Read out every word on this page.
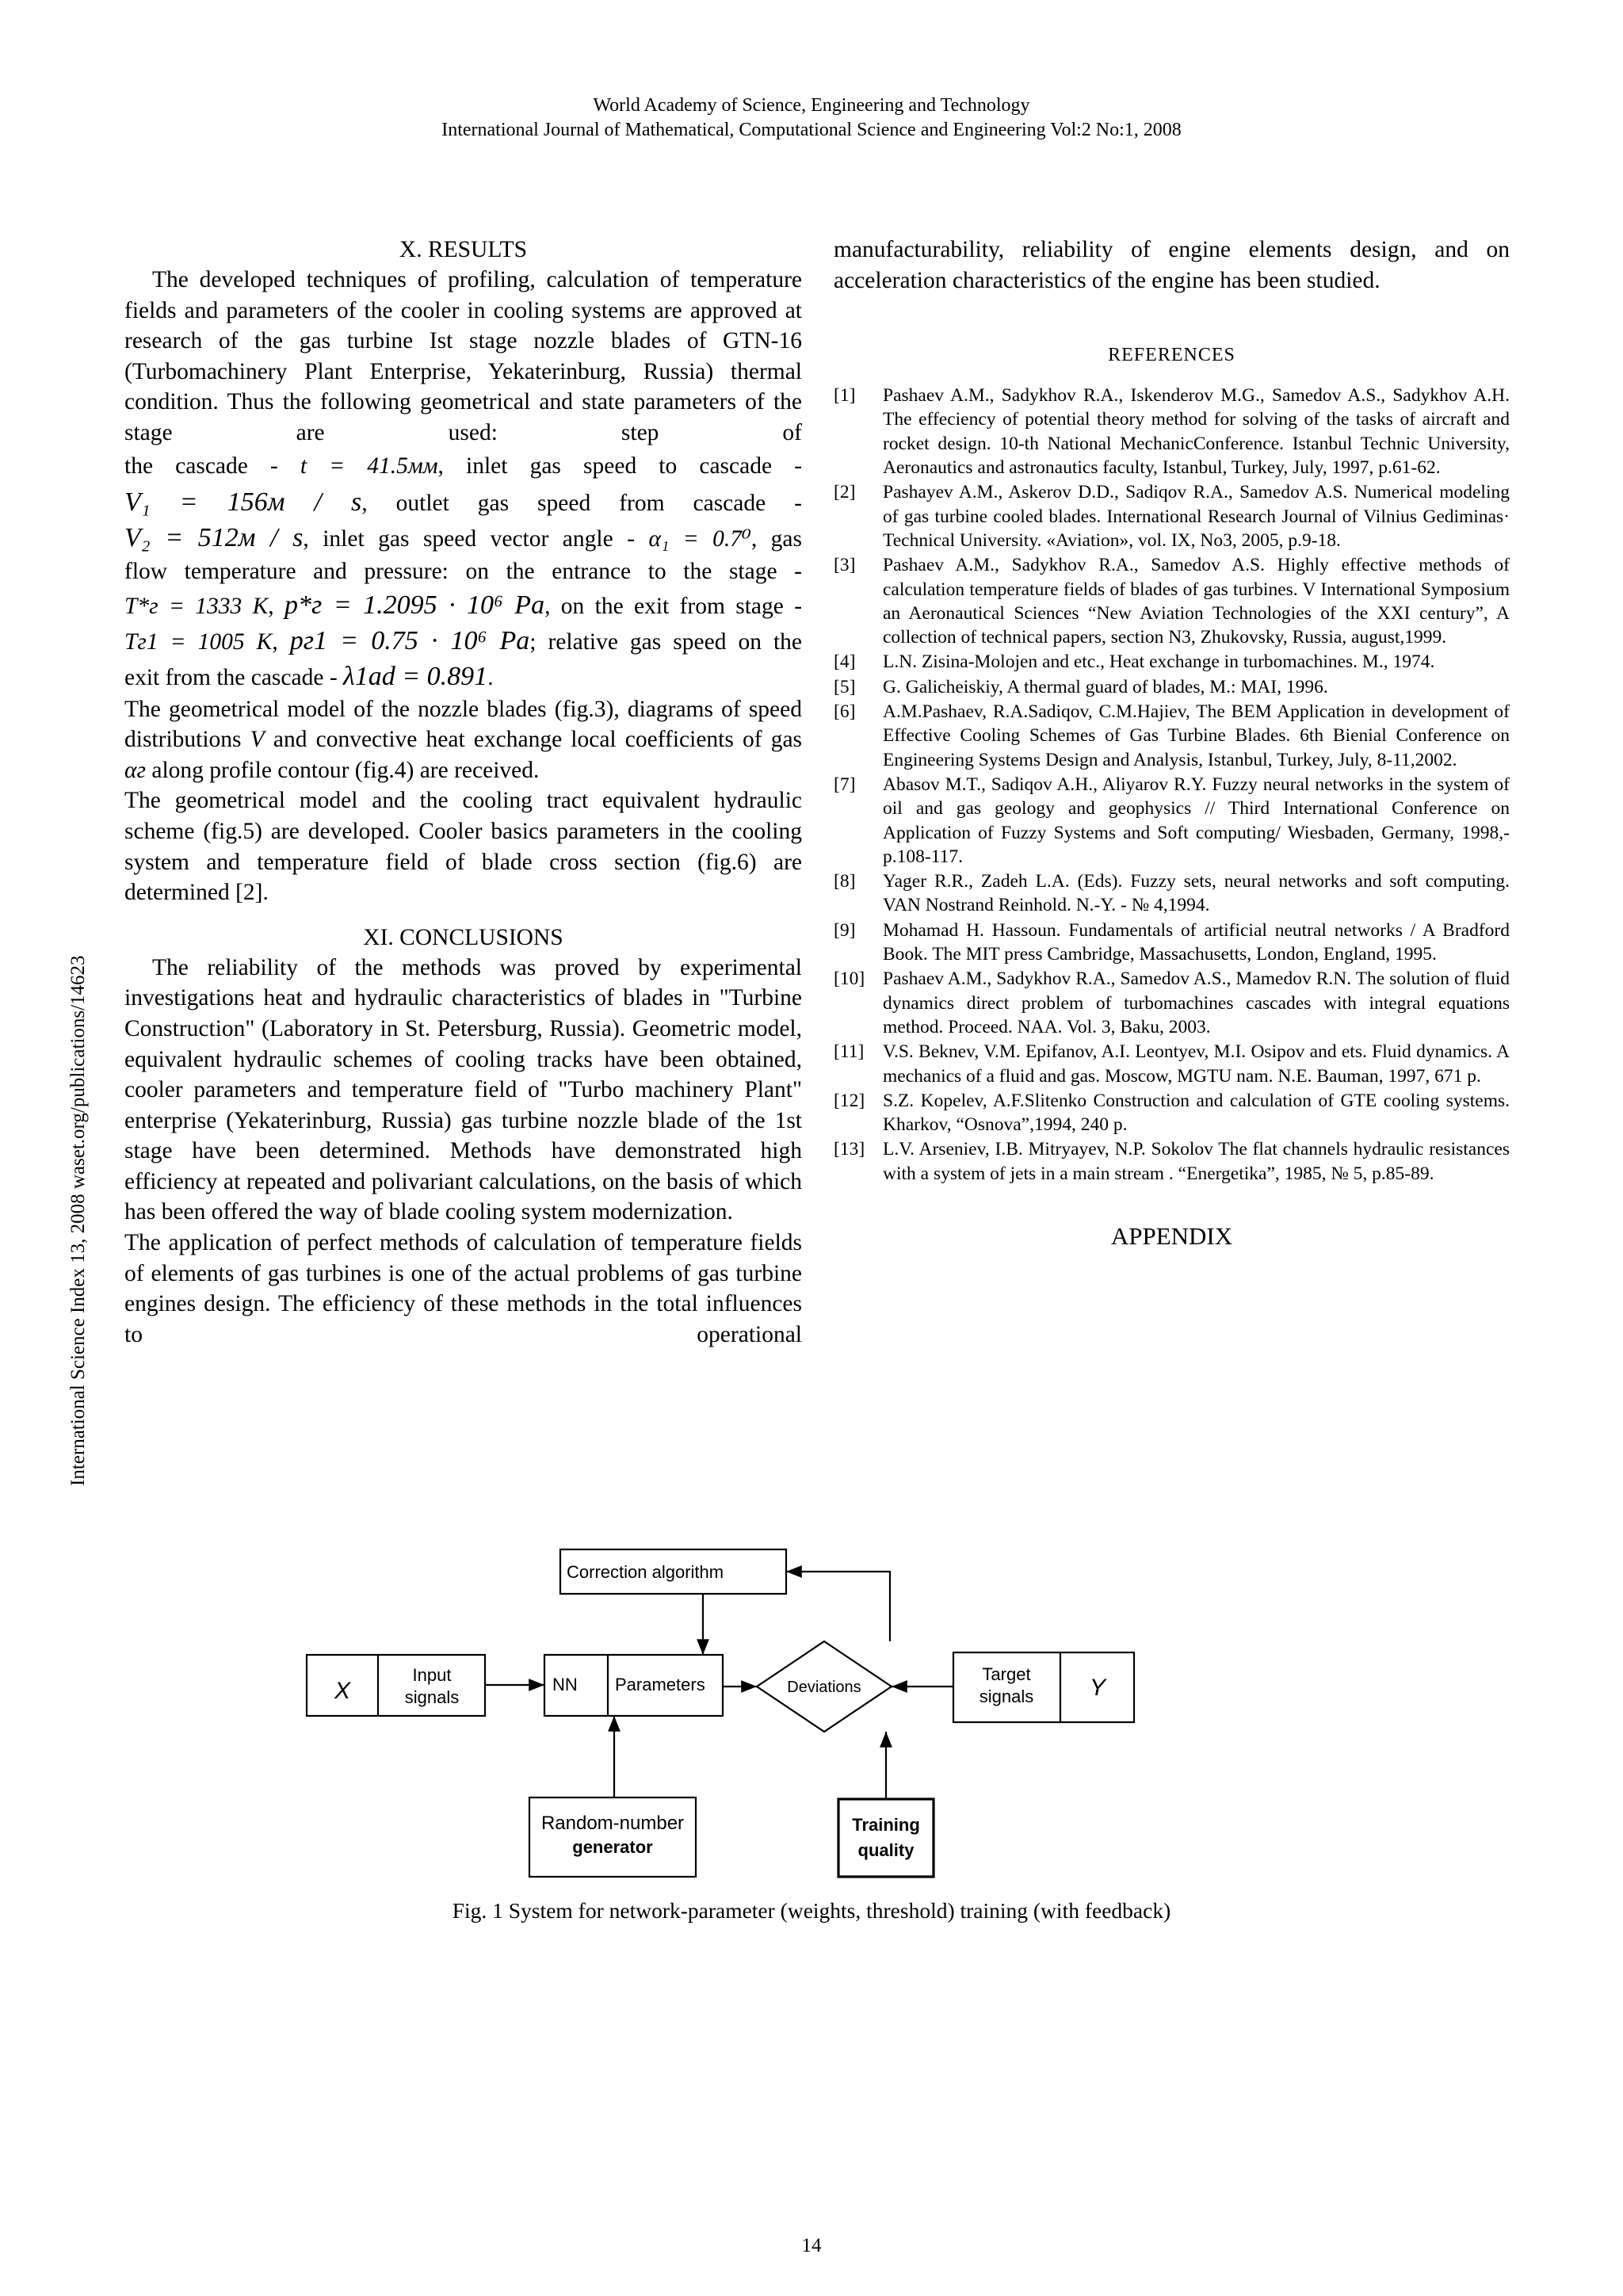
World Academy of Science, Engineering and Technology
International Journal of Mathematical, Computational Science and Engineering Vol:2 No:1, 2008
International Science Index 13, 2008 waset.org/publications/14623
X. RESULTS
The developed techniques of profiling, calculation of temperature fields and parameters of the cooler in cooling systems are approved at research of the gas turbine Ist stage nozzle blades of GTN-16 (Turbomachinery Plant Enterprise, Yekaterinburg, Russia) thermal condition. Thus the following geometrical and state parameters of the stage are used: step of
the cascade - t = 41.5мм, inlet gas speed to cascade -
V₁ = 156м / s, outlet gas speed from cascade -
V₂ = 512м / s, inlet gas speed vector angle - α₁ = 0.7⁰, gas
flow temperature and pressure: on the entrance to the stage -
T*г = 1333 K, p*г = 1.2095 · 10⁶ Pa, on the exit from stage -
Tг1 = 1005 K, pг1 = 0.75 · 10⁶ Pa; relative gas speed on the
exit from the cascade - λ1ad = 0.891.
The geometrical model of the nozzle blades (fig.3), diagrams of speed distributions V and convective heat exchange local coefficients of gas αг along profile contour (fig.4) are received.
The geometrical model and the cooling tract equivalent hydraulic scheme (fig.5) are developed. Cooler basics parameters in the cooling system and temperature field of blade cross section (fig.6) are determined [2].
XI. CONCLUSIONS
The reliability of the methods was proved by experimental investigations heat and hydraulic characteristics of blades in "Turbine Construction" (Laboratory in St. Petersburg, Russia). Geometric model, equivalent hydraulic schemes of cooling tracks have been obtained, cooler parameters and temperature field of "Turbo machinery Plant" enterprise (Yekaterinburg, Russia) gas turbine nozzle blade of the 1st stage have been determined. Methods have demonstrated high efficiency at repeated and polivariant calculations, on the basis of which has been offered the way of blade cooling system modernization.
The application of perfect methods of calculation of temperature fields of elements of gas turbines is one of the actual problems of gas turbine engines design. The efficiency of these methods in the total influences to operational
manufacturability, reliability of engine elements design, and on acceleration characteristics of the engine has been studied.
REFERENCES
[1]	Pashaev A.M., Sadykhov R.A., Iskenderov M.G., Samedov A.S., Sadykhov A.H. The effeciency of potential theory method for solving of the tasks of aircraft and rocket design. 10-th National MechanicConference. Istanbul Technic University, Aeronautics and astronautics faculty, Istanbul, Turkey, July, 1997, p.61-62.
[2]	Pashayev A.M., Askerov D.D., Sadiqov R.A., Samedov A.S. Numerical modeling of gas turbine cooled blades. International Research Journal of Vilnius Gediminas· Technical University. «Aviation», vol. IX, No3, 2005, p.9-18.
[3]	Pashaev A.M., Sadykhov R.A., Samedov A.S. Highly effective methods of calculation temperature fields of blades of gas turbines. V International Symposium an Aeronautical Sciences “New Aviation Technologies of the XXI century”, A collection of technical papers, section N3, Zhukovsky, Russia, august,1999.
[4]	L.N. Zisina-Molojen and etc., Heat exchange in turbomachines. M., 1974.
[5]	G. Galicheiskiy, A thermal guard of blades, M.: MAI, 1996.
[6]	A.M.Pashaev, R.A.Sadiqov, C.M.Hajiev, The BEM Application in development of Effective Cooling Schemes of Gas Turbine Blades. 6th Bienial Conference on Engineering Systems Design and Analysis, Istanbul, Turkey, July, 8-11,2002.
[7]	Abasov M.T., Sadiqov A.H., Aliyarov R.Y. Fuzzy neural networks in the system of oil and gas geology and geophysics // Third International Conference on Application of Fuzzy Systems and Soft computing/ Wiesbaden, Germany, 1998,- p.108-117.
[8]	Yager R.R., Zadeh L.A. (Eds). Fuzzy sets, neural networks and soft computing. VAN Nostrand Reinhold. N.-Y. - № 4,1994.
[9]	Mohamad H. Hassoun. Fundamentals of artificial neutral networks / A Bradford Book. The MIT press Cambridge, Massachusetts, London, England, 1995.
[10] Pashaev A.M., Sadykhov R.A., Samedov A.S., Mamedov R.N. The solution of fluid dynamics direct problem of turbomachines cascades with integral equations method. Proceed. NAA. Vol. 3, Baku, 2003.
[11]	V.S. Beknev, V.M. Epifanov, A.I. Leontyev, M.I. Osipov and ets. Fluid dynamics. A mechanics of a fluid and gas. Moscow, MGTU nam. N.E. Bauman, 1997, 671 p.
[12] S.Z. Kopelev, A.F.Slitenko Construction and calculation of GTE cooling systems. Kharkov, “Osnova”,1994, 240 p.
[13] L.V. Arseniev, I.B. Mitryayev, N.P. Sokolov The flat channels hydraulic resistances with a system of jets in a main stream . “Energetika”, 1985, № 5, p.85-89.
APPENDIX
Correction algorithm
X
Input
signals
NN Parameters	Deviations
Target
signals Y
Random-number
generator
Training
quality
Fig. 1 System for network-parameter (weights, threshold) training (with feedback)
14
